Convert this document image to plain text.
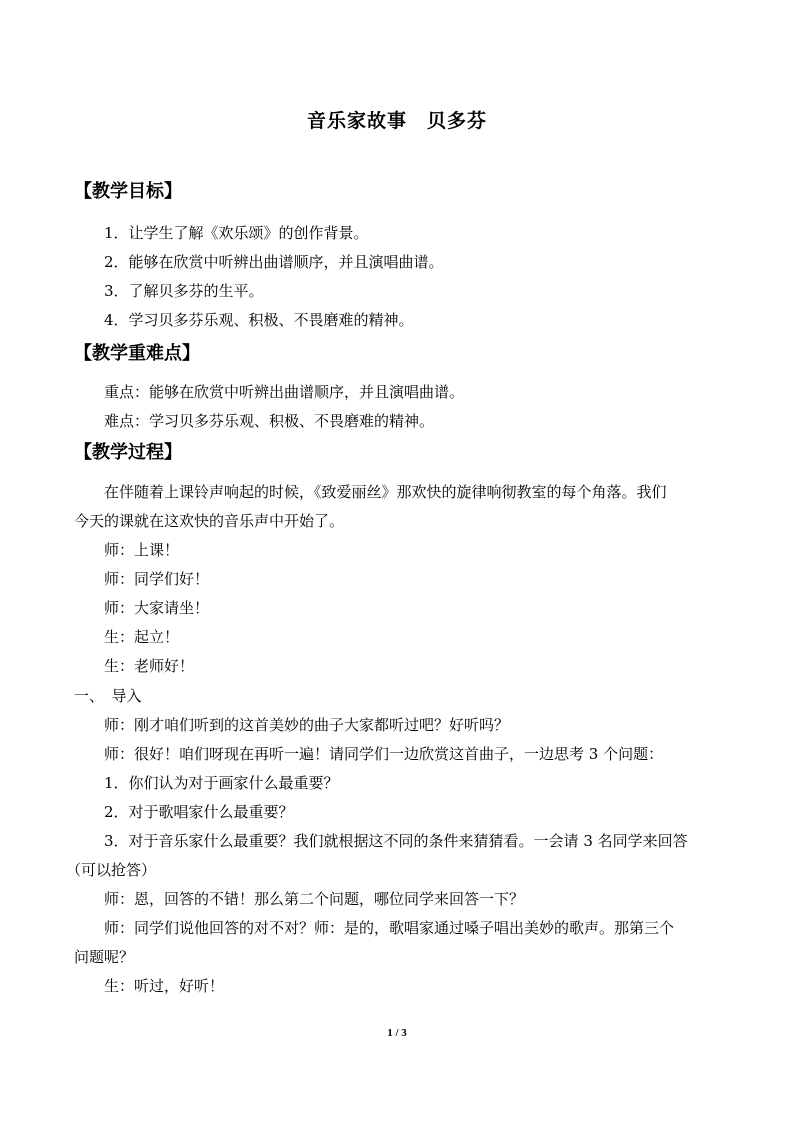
音乐家故事　贝多芬
【教学目标】
1．让学生了解《欢乐颂》的创作背景。
2．能够在欣赏中听辨出曲谱顺序，并且演唱曲谱。
3．了解贝多芬的生平。
4．学习贝多芬乐观、积极、不畏磨难的精神。
【教学重难点】
重点：能够在欣赏中听辨出曲谱顺序，并且演唱曲谱。
难点：学习贝多芬乐观、积极、不畏磨难的精神。
【教学过程】
在伴随着上课铃声响起的时候，《致爱丽丝》那欢快的旋律响彻教室的每个角落。我们
今天的课就在这欢快的音乐声中开始了。
师：上课！
师：同学们好！
师：大家请坐！
生：起立！
生：老师好！
一、　导入
师：刚才咱们听到的这首美妙的曲子大家都听过吧？好听吗？
师：很好！咱们呀现在再听一遍！请同学们一边欣赏这首曲子，一边思考 3 个问题：
1．你们认为对于画家什么最重要？
2．对于歌唱家什么最重要？
3．对于音乐家什么最重要？我们就根据这不同的条件来猜猜看。一会请 3 名同学来回答
（可以抢答）
师：恩，回答的不错！那么第二个问题，哪位同学来回答一下？
师：同学们说他回答的对不对？师：是的，歌唱家通过嗓子唱出美妙的歌声。那第三个
问题呢？
生：听过，好听！
1 / 3
